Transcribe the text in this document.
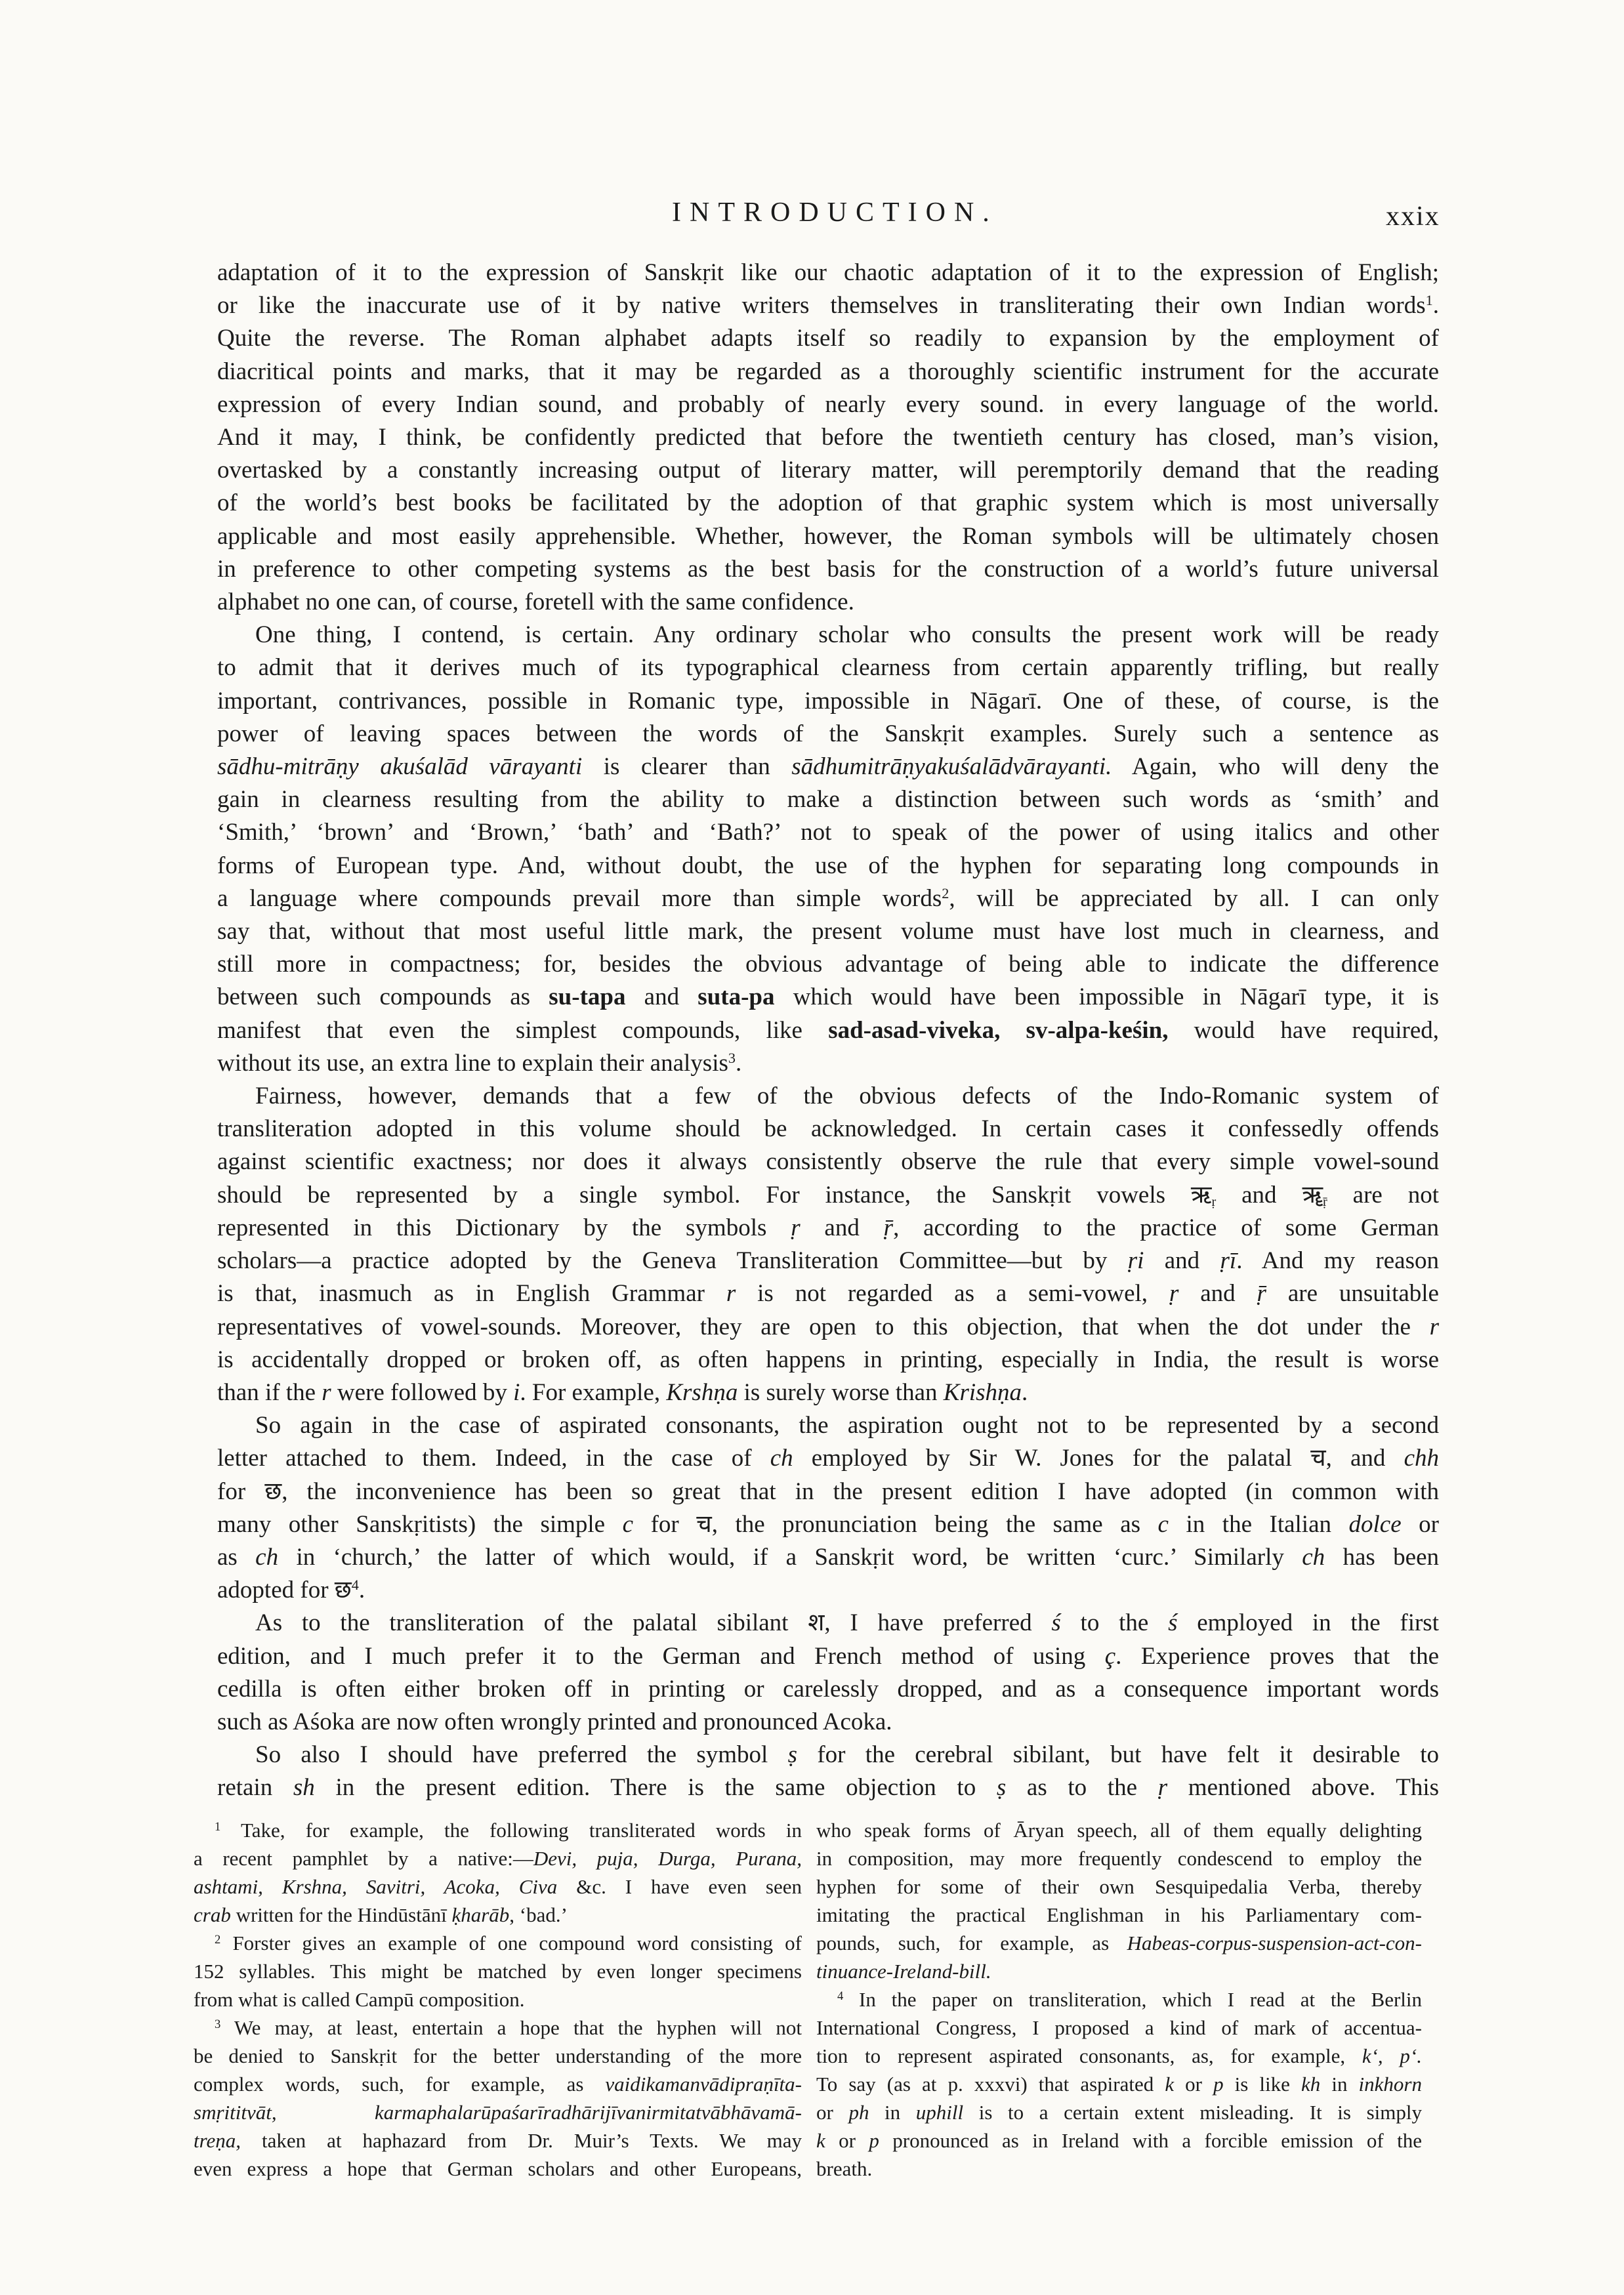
INTRODUCTION.	xxix
adaptation of it to the expression of Sanskṛit like our chaotic adaptation of it to the expression of English;
or like the inaccurate use of it by native writers themselves in transliterating their own Indian words$^1$.
Quite the reverse. The Roman alphabet adapts itself so readily to expansion by the employment of
diacritical points and marks, that it may be regarded as a thoroughly scientific instrument for the accurate
expression of every Indian sound, and probably of nearly every sound. in every language of the world.
And it may, I think, be confidently predicted that before the twentieth century has closed, man’s vision,
overtasked by a constantly increasing output of literary matter, will peremptorily demand that the reading
of the world’s best books be facilitated by the adoption of that graphic system which is most universally
applicable and most easily apprehensible. Whether, however, the Roman symbols will be ultimately chosen
in preference to other competing systems as the best basis for the construction of a world’s future universal
alphabet no one can, of course, foretell with the same confidence.
One thing, I contend, is certain. Any ordinary scholar who consults the present work will be ready
to admit that it derives much of its typographical clearness from certain apparently trifling, but really
important, contrivances, possible in Romanic type, impossible in Nāgarī. One of these, of course, is the
power of leaving spaces between the words of the Sanskṛit examples. Surely such a sentence as
sādhu-mitrāṇy akuśalād vārayanti is clearer than sādhumitrāṇyakuśalādvārayanti. Again, who will deny the
gain in clearness resulting from the ability to make a distinction between such words as ‘smith’ and
‘Smith,’ ‘brown’ and ‘Brown,’ ‘bath’ and ‘Bath?’ not to speak of the power of using italics and other
forms of European type. And, without doubt, the use of the hyphen for separating long compounds in
a language where compounds prevail more than simple words$^2$, will be appreciated by all. I can only
say that, without that most useful little mark, the present volume must have lost much in clearness, and
still more in compactness; for, besides the obvious advantage of being able to indicate the difference
between such compounds as su-tapa and suta-pa which would have been impossible in Nāgarī type, it is
manifest that even the simplest compounds, like sad-asad-viveka, sv-alpa-keśin, would have required,
without its use, an extra line to explain their analysis$^3$.
Fairness, however, demands that a few of the obvious defects of the Indo-Romanic system of
transliteration adopted in this volume should be acknowledged. In certain cases it confessedly offends
against scientific exactness; nor does it always consistently observe the rule that every simple vowel-sound
should be represented by a single symbol. For instance, the Sanskṛit vowels ऋ$_ṛ$ and ॠ$_ṝ$ are not
represented in this Dictionary by the symbols ṛ and ṝ, according to the practice of some German
scholars—a practice adopted by the Geneva Transliteration Committee—but by ṛi and ṛī. And my reason
is that, inasmuch as in English Grammar r is not regarded as a semi-vowel, ṛ and ṝ are unsuitable
representatives of vowel-sounds. Moreover, they are open to this objection, that when the dot under the r
is accidentally dropped or broken off, as often happens in printing, especially in India, the result is worse
than if the r were followed by i. For example, Krshṇa is surely worse than Krishṇa.
So again in the case of aspirated consonants, the aspiration ought not to be represented by a second
letter attached to them. Indeed, in the case of ch employed by Sir W. Jones for the palatal च, and chh
for छ, the inconvenience has been so great that in the present edition I have adopted (in common with
many other Sanskṛitists) the simple c for च, the pronunciation being the same as c in the Italian dolce or
as ch in ‘church,’ the latter of which would, if a Sanskṛit word, be written ‘curc.’ Similarly ch has been
adopted for छ$^4$.
As to the transliteration of the palatal sibilant श, I have preferred ś to the ś employed in the first
edition, and I much prefer it to the German and French method of using ç. Experience proves that the
cedilla is often either broken off in printing or carelessly dropped, and as a consequence important words
such as Aśoka are now often wrongly printed and pronounced Acoka.
So also I should have preferred the symbol ṣ for the cerebral sibilant, but have felt it desirable to
retain sh in the present edition. There is the same objection to ṣ as to the ṛ mentioned above. This
$^1$ Take, for example, the following transliterated words in
a recent pamphlet by a native:—Devi, puja, Durga, Purana,
ashtami, Krshna, Savitri, Acoka, Civa &c. I have even seen
crab written for the Hindūstānī ḳharāb, ‘bad.’
$^2$ Forster gives an example of one compound word consisting of
152 syllables. This might be matched by even longer specimens
from what is called Campū composition.
$^3$ We may, at least, entertain a hope that the hyphen will not
be denied to Sanskṛit for the better understanding of the more
complex words, such, for example, as vaidikamanvādipraṇīta-
smṛititvāt, karmaphalarūpaśarīradhārijīvanirmitatvābhāvamā-
treṇa, taken at haphazard from Dr. Muir’s Texts. We may
even express a hope that German scholars and other Europeans,
who speak forms of Āryan speech, all of them equally delighting
in composition, may more frequently condescend to employ the
hyphen for some of their own Sesquipedalia Verba, thereby
imitating the practical Englishman in his Parliamentary com-
pounds, such, for example, as Habeas-corpus-suspension-act-con-
tinuance-Ireland-bill.
$^4$ In the paper on transliteration, which I read at the Berlin
International Congress, I proposed a kind of mark of accentua-
tion to represent aspirated consonants, as, for example, k‘, p‘.
To say (as at p. xxxvi) that aspirated k or p is like kh in inkhorn
or ph in uphill is to a certain extent misleading. It is simply
k or p pronounced as in Ireland with a forcible emission of the
breath.
